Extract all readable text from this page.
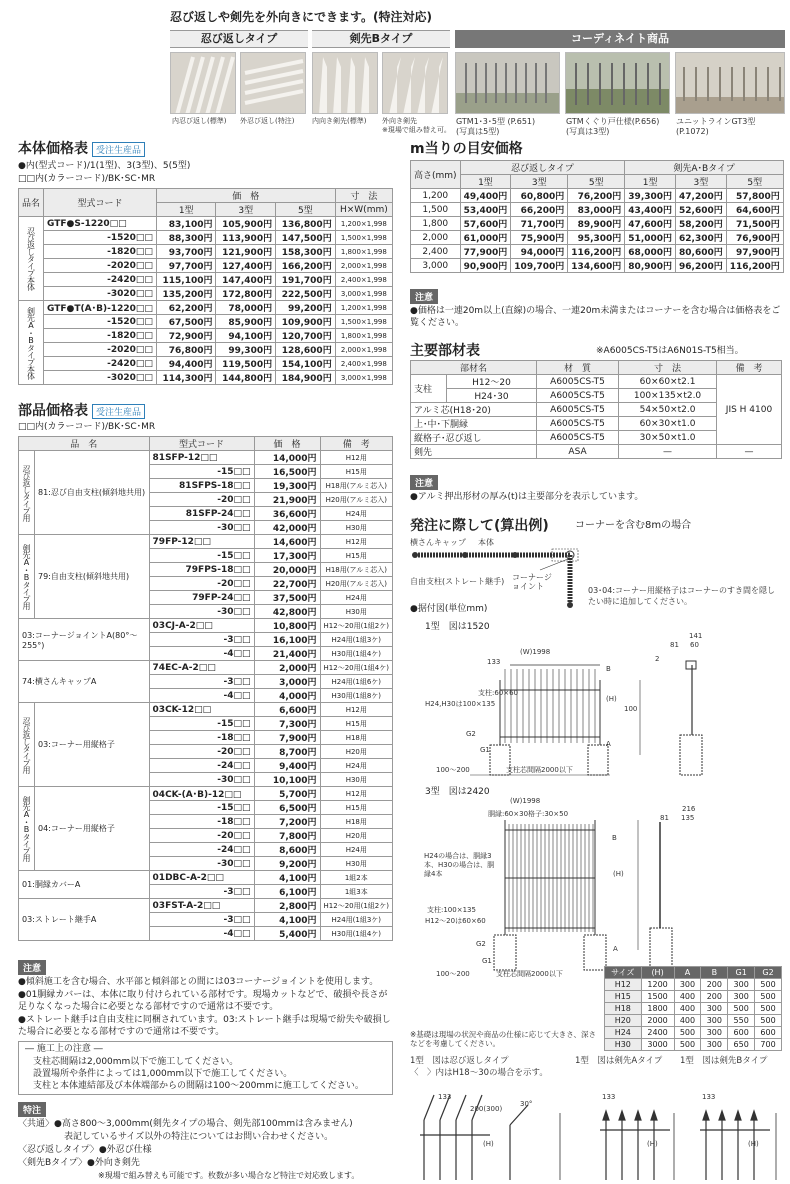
忍び返しや剣先を外向きにできます。(特注対応)
忍び返しタイプ	剣先Bタイプ	コーディネイト商品
内忍び返し(標準) 外忍び返し(特注)	内向き剣先(標準) 外向き剣先
※現場で組み替え可。
GTM1･3･5型 (P.651)
(写真は5型)
GTMくぐり戸仕様(P.656)
(写真は3型)
ユニットラインGT3型
(P.1072)
本体価格表 受注生産品
●内(型式コード)/1(1型)、3(3型)、5(5型)
□□内(カラーコード)/BK･SC･MR
品名	型式コード	価　格			寸　法
		1型	3型	5型	H×W(mm)
忍び返しタイプ本体	GTF●S-1220□□	83,100円	105,900円	136,800円	1,200×1,998
	-1520□□	88,300円	113,900円	147,500円	1,500×1,998
	-1820□□	93,700円	121,900円	158,300円	1,800×1,998
	-2020□□	97,700円	127,400円	166,200円	2,000×1,998
	-2420□□	115,100円	147,400円	191,700円	2,400×1,998
	-3020□□	135,200円	172,800円	222,500円	3,000×1,998
剣先A・Bタイプ本体	GTF●T(A･B)-1220□□	62,200円	78,000円	99,200円	1,200×1,998
	-1520□□	67,500円	85,900円	109,900円	1,500×1,998
	-1820□□	72,900円	94,100円	120,700円	1,800×1,998
	-2020□□	76,800円	99,300円	128,600円	2,000×1,998
	-2420□□	94,400円	119,500円	154,100円	2,400×1,998
	-3020□□	114,300円	144,800円	184,900円	3,000×1,998
部品価格表 受注生産品
□□内(カラーコード)/BK･SC･MR
品　名		型式コード	価　格	備　考
忍び返しタイプ用	81:忍び自由支柱(傾斜地共用)	81SFP-12□□	14,000円	H12用
		-15□□	16,500円	H15用
		81SFPS-18□□	19,300円	H18用(アルミ芯入)
		-20□□	21,900円	H20用(アルミ芯入)
		81SFP-24□□	36,600円	H24用
		-30□□	42,000円	H30用
剣先A・Bタイプ用	79:自由支柱(傾斜地共用)	79FP-12□□	14,600円	H12用
		-15□□	17,300円	H15用
		79FPS-18□□	20,000円	H18用(アルミ芯入)
		-20□□	22,700円	H20用(アルミ芯入)
		79FP-24□□	37,500円	H24用
		-30□□	42,800円	H30用
03:コーナージョイントA(80°～255°)		03CJ-A-2□□	10,800円	H12～20用(1組2ケ)
		-3□□	16,100円	H24用(1組3ケ)
		-4□□	21,400円	H30用(1組4ケ)
74:横さんキャップA		74EC-A-2□□	2,000円	H12～20用(1組4ケ)
		-3□□	3,000円	H24用(1組6ケ)
		-4□□	4,000円	H30用(1組8ケ)
忍び返しタイプ用	03:コーナー用縦格子	03CK-12□□	6,600円	H12用
		-15□□	7,300円	H15用
		-18□□	7,900円	H18用
		-20□□	8,700円	H20用
		-24□□	9,400円	H24用
		-30□□	10,100円	H30用
剣先A・Bタイプ用	04:コーナー用縦格子	04CK-(A･B)-12□□	5,700円	H12用
		-15□□	6,500円	H15用
		-18□□	7,200円	H18用
		-20□□	7,800円	H20用
		-24□□	8,600円	H24用
		-30□□	9,200円	H30用
01:胴縁カバーA		01DBC-A-2□□	4,100円	1組2本
		-3□□	6,100円	1組3本
03:ストレート継手A		03FST-A-2□□	2,800円	H12～20用(1組2ケ)
		-3□□	4,100円	H24用(1組3ケ)
		-4□□	5,400円	H30用(1組4ケ)
注意
●傾斜施工を含む場合、水平部と傾斜部との間には03コーナージョイントを使用します。
●01胴縁カバーは、本体に取り付けられている部材です。現場カットなどで、破損や長さが足りなくなった場合に必要となる部材ですので通常は不要です。
●ストレート継手は自由支柱に同梱されています。03:ストレート継手は現場で紛失や破損した場合に必要となる部材ですので通常は不要です。
― 施工上の注意 ―
支柱芯間隔は2,000mm以下で施工してください。
設置場所や条件によっては1,000mm以下で施工してください。
支柱と本体連結部及び本体端部からの間隔は100～200mmに施工してください。
特注
〈共通〉●高さ800～3,000mm(剣先タイプの場合、剣先部100mmは含みません)
表記しているサイズ以外の特注についてはお問い合わせください。
〈忍び返しタイプ〉●外忍び仕様
〈剣先Bタイプ〉●外向き剣先
※現場で組み替えも可能です。枚数が多い場合など特注で対応致します。
m当りの目安価格
高さ(mm)	忍び返しタイプ			剣先A･Bタイプ		
	1型	3型	5型	1型	3型	5型
1,200	49,400円	60,800円	76,200円	39,300円	47,200円	57,800円
1,500	53,400円	66,200円	83,000円	43,400円	52,600円	64,600円
1,800	57,600円	71,700円	89,900円	47,600円	58,200円	71,500円
2,000	61,000円	75,900円	95,300円	51,000円	62,300円	76,900円
2,400	77,900円	94,000円	116,200円	68,000円	80,600円	97,900円
3,000	90,900円	109,700円	134,600円	80,900円	96,200円	116,200円
注意
●価格は一連20m以上(直線)の場合、一連20m未満またはコーナーを含む場合は価格表をご覧ください。
主要部材表	※A6005CS-T5はA6N01S-T5相当。
部材名		材　質	寸　法	備　考
支柱	H12～20	A6005CS-T5	60×60×t2.1	JIS H 4100
	H24･30	A6005CS-T5	100×135×t2.0	
アルミ芯(H18･20)		A6005CS-T5	54×50×t2.0	
上･中･下胴縁		A6005CS-T5	60×30×t1.0	
縦格子･忍び返し		A6005CS-T5	30×50×t1.0	
剣先		ASA	—	—
注意
●アルミ押出形材の厚み(t)は主要部分を表示しています。
発注に際して(算出例)	コーナーを含む8mの場合
横さんキャップ 本体
自由支柱(ストレート継手) コーナージョイント	03･04:コーナー用縦格子はコーナーのすき間を隠したい時に追加してください。
●据付図(単位mm)
1型　図は1520
(W)1998
133
支柱:60×60
H24,H30は100×135
G2
G1
(H)
A
B
100
141
81 60
2
100～200	支柱芯間隔2000以下
3型　図は2420
(W)1998
胴縁:60×30 格子:30×50
H24の場合は、胴縁3本、H30の場合は、胴縁4本
支柱:100×135
H12～20は60×60
(H)
A
B
216
81 135
G2
G1
100～200	支柱芯間隔2000以下	サイズ	(H)	A	B	G1	G2
H12	1200	300	200	300	500
H15	1500	400	200	300	500
H18	1800	400	300	500	500
H20	2000	400	300	550	500
H24	2400	500	300	600	600
H30	3000	500	300	650	700
※基礎は現場の状況や商品の仕様に応じて大きさ、深さなどを考慮してください。
1型　図は忍び返しタイプ
〈　〉内はH18～30の場合を示す。
1型　図は剣先Aタイプ 1型　図は剣先Bタイプ
133
200(300)
30°
133	133
(H)	(H)	(H)
